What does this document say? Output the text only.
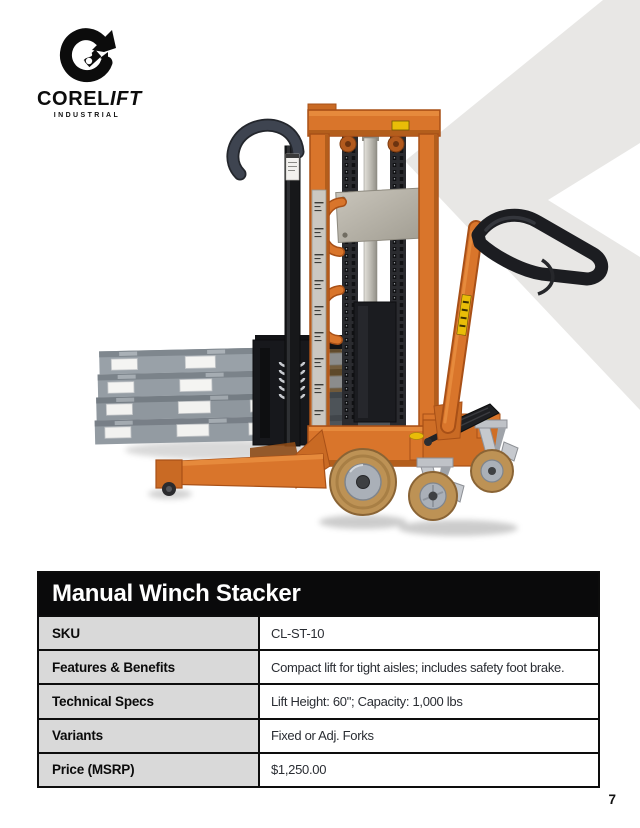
CORELIFT
INDUSTRIAL
Manual Winch Stacker
SKU	CL-ST-10
Features & Benefits	Compact lift for tight aisles; includes safety foot brake.
Technical Specs	Lift Height: 60"; Capacity: 1,000 lbs
Variants	Fixed or Adj. Forks
Price (MSRP)	$1,250.00
7
